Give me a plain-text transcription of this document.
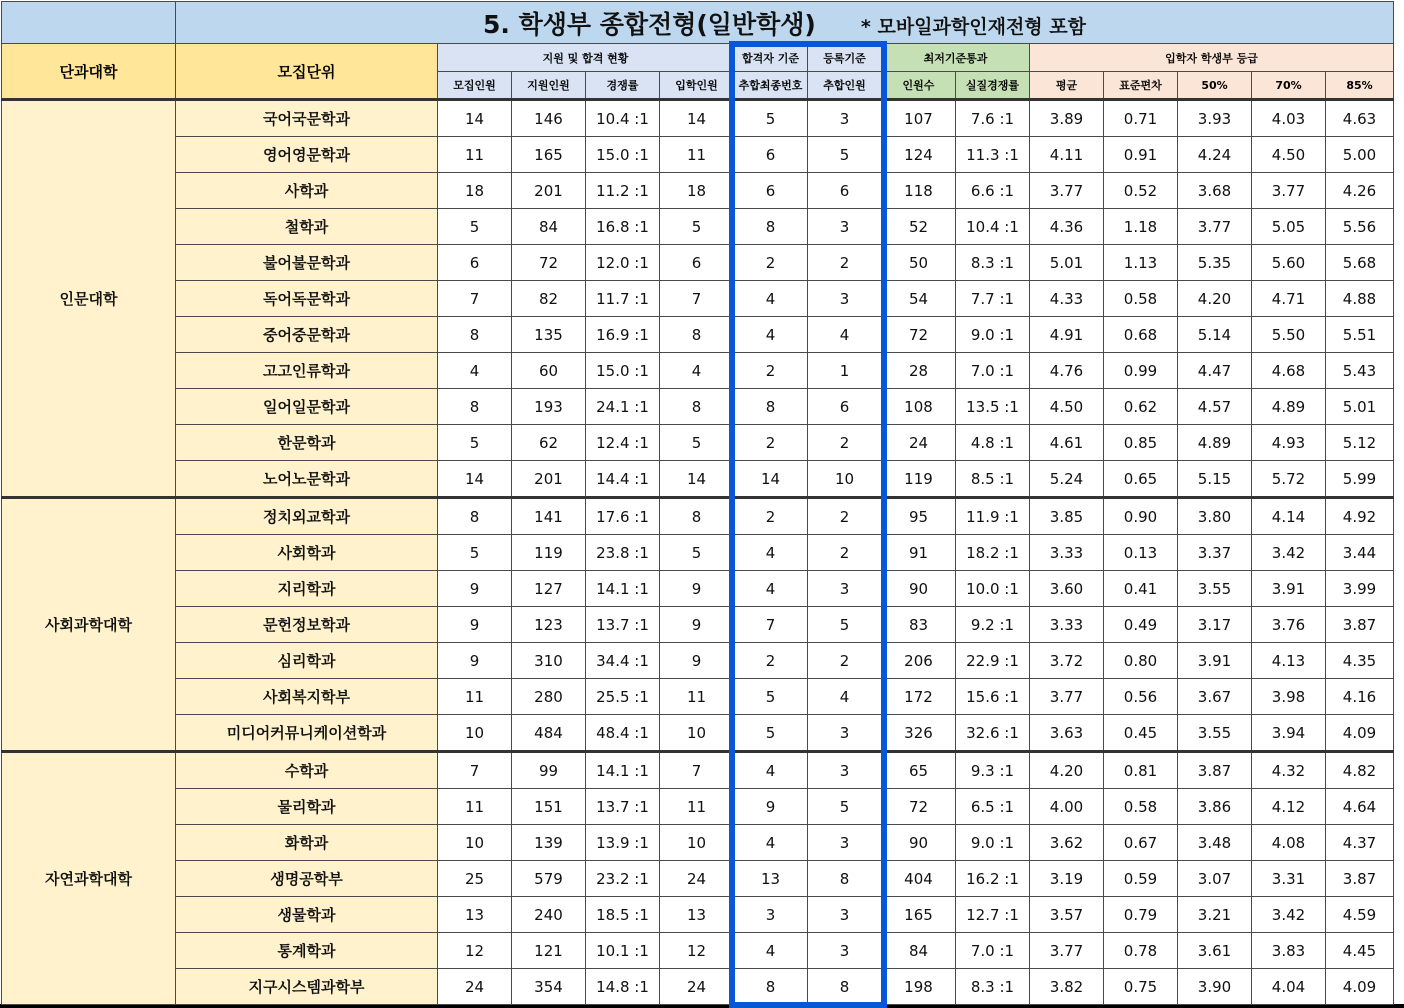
	5. 학생부 종합전형(일반학생) * 모바일과학인재전형 포함													
단과대학	모집단위	지원 및 합격 현황				합격자 기준	등록기준	최저기준통과		입학자 학생부 등급				
		모집인원	지원인원	경쟁률	입학인원	추합최종번호	추합인원	인원수	실질경쟁률	평균	표준편차	50%	70%	85%
인문대학	국어국문학과	14	146	10.4 :1	14	5	3	107	7.6 :1	3.89	0.71	3.93	4.03	4.63
	영어영문학과	11	165	15.0 :1	11	6	5	124	11.3 :1	4.11	0.91	4.24	4.50	5.00
	사학과	18	201	11.2 :1	18	6	6	118	6.6 :1	3.77	0.52	3.68	3.77	4.26
	철학과	5	84	16.8 :1	5	8	3	52	10.4 :1	4.36	1.18	3.77	5.05	5.56
	불어불문학과	6	72	12.0 :1	6	2	2	50	8.3 :1	5.01	1.13	5.35	5.60	5.68
	독어독문학과	7	82	11.7 :1	7	4	3	54	7.7 :1	4.33	0.58	4.20	4.71	4.88
	중어중문학과	8	135	16.9 :1	8	4	4	72	9.0 :1	4.91	0.68	5.14	5.50	5.51
	고고인류학과	4	60	15.0 :1	4	2	1	28	7.0 :1	4.76	0.99	4.47	4.68	5.43
	일어일문학과	8	193	24.1 :1	8	8	6	108	13.5 :1	4.50	0.62	4.57	4.89	5.01
	한문학과	5	62	12.4 :1	5	2	2	24	4.8 :1	4.61	0.85	4.89	4.93	5.12
	노어노문학과	14	201	14.4 :1	14	14	10	119	8.5 :1	5.24	0.65	5.15	5.72	5.99
사회과학대학	정치외교학과	8	141	17.6 :1	8	2	2	95	11.9 :1	3.85	0.90	3.80	4.14	4.92
	사회학과	5	119	23.8 :1	5	4	2	91	18.2 :1	3.33	0.13	3.37	3.42	3.44
	지리학과	9	127	14.1 :1	9	4	3	90	10.0 :1	3.60	0.41	3.55	3.91	3.99
	문헌정보학과	9	123	13.7 :1	9	7	5	83	9.2 :1	3.33	0.49	3.17	3.76	3.87
	심리학과	9	310	34.4 :1	9	2	2	206	22.9 :1	3.72	0.80	3.91	4.13	4.35
	사회복지학부	11	280	25.5 :1	11	5	4	172	15.6 :1	3.77	0.56	3.67	3.98	4.16
	미디어커뮤니케이션학과	10	484	48.4 :1	10	5	3	326	32.6 :1	3.63	0.45	3.55	3.94	4.09
자연과학대학	수학과	7	99	14.1 :1	7	4	3	65	9.3 :1	4.20	0.81	3.87	4.32	4.82
	물리학과	11	151	13.7 :1	11	9	5	72	6.5 :1	4.00	0.58	3.86	4.12	4.64
	화학과	10	139	13.9 :1	10	4	3	90	9.0 :1	3.62	0.67	3.48	4.08	4.37
	생명공학부	25	579	23.2 :1	24	13	8	404	16.2 :1	3.19	0.59	3.07	3.31	3.87
	생물학과	13	240	18.5 :1	13	3	3	165	12.7 :1	3.57	0.79	3.21	3.42	4.59
	통계학과	12	121	10.1 :1	12	4	3	84	7.0 :1	3.77	0.78	3.61	3.83	4.45
	지구시스템과학부	24	354	14.8 :1	24	8	8	198	8.3 :1	3.82	0.75	3.90	4.04	4.09
